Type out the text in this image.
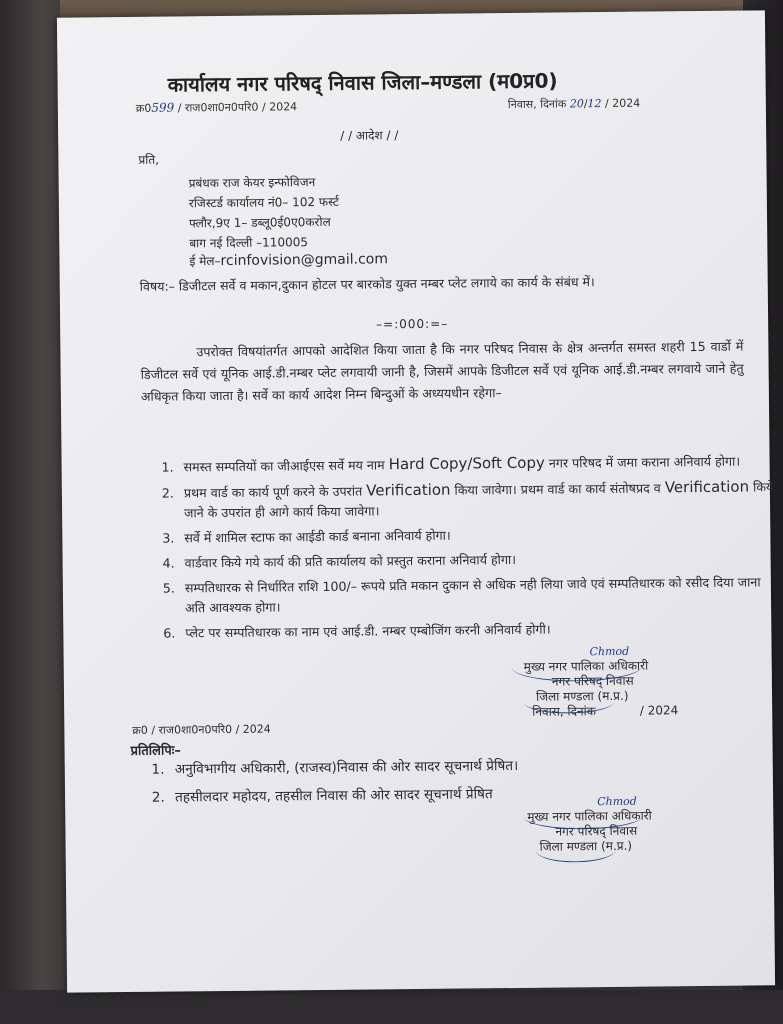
कार्यालय नगर परिषद् निवास जिला–मण्डला (म0प्र0)
क्र0599 / राज0शा0न0परि0 / 2024	निवास, दिनांक 20/12 / 2024
/ / आदेश / /
प्रति,
प्रबंधक राज केयर इन्फोविजन
रजिस्टर्ड कार्यालय नं0– 102 फर्स्ट
फ्लौर,9ए 1– डब्लू0ई0ए0करोल
बाग नई दिल्ली –110005
ई मेल–rcinfovision@gmail.com
विषय:– डिजीटल सर्वे व मकान,दुकान होटल पर बारकोड युक्त नम्बर प्लेट लगाये का कार्य के संबंध में।
–=:000:=–
उपरोक्त विषयांतर्गत आपको आदेशित किया जाता है कि नगर परिषद निवास के क्षेत्र अन्तर्गत समस्त शहरी 15 वार्डो में डिजीटल सर्वे एवं यूनिक आई.डी.नम्बर प्लेट लगवायी जानी है, जिसमें आपके डिजीटल सर्वे एवं यूनिक आई.डी.नम्बर लगवाये जाने हेतु अधिकृत किया जाता है। सर्वे का कार्य आदेश निम्न बिन्दुओं के अध्ययधीन रहेगा–
1. समस्त सम्पतियों का जीआईएस सर्वे मय नाम Hard Copy/Soft Copy नगर परिषद में जमा कराना अनिवार्य होगा।
2. प्रथम वार्ड का कार्य पूर्ण करने के उपरांत Verification किया जावेगा। प्रथम वार्ड का कार्य संतोषप्रद व Verification किये जाने के उपरांत ही आगे कार्य किया जावेगा।
3. सर्वे में शामिल स्टाफ का आईडी कार्ड बनाना अनिवार्य होगा।
4. वार्डवार किये गये कार्य की प्रति कार्यालय को प्रस्तुत कराना अनिवार्य होगा।
5. सम्पतिधारक से निर्धारित राशि 100/– रूपये प्रति मकान दुकान से अधिक नही लिया जावे एवं सम्पतिधारक को रसीद दिया जाना अति आवश्यक होगा।
6. प्लेट पर सम्पतिधारक का नाम एवं आई.डी. नम्बर एम्बोजिंग करनी अनिवार्य होगी।
Chmod
मुख्य नगर पालिका अधिकारी
नगर परिषद् निवास
जिला मण्डला (म.प्र.)
निवास, दिनांक	/ 2024
क्र0 / राज0शा0न0परि0 / 2024
प्रतिलिपिः–
1. अनुविभागीय अधिकारी, (राजस्व)निवास की ओर सादर सूचनार्थ प्रेषित।
2. तहसीलदार महोदय, तहसील निवास की ओर सादर सूचनार्थ प्रेषित	Chmod
मुख्य नगर पालिका अधिकारी
नगर परिषद् निवास
जिला मण्डला (म.प्र.)
